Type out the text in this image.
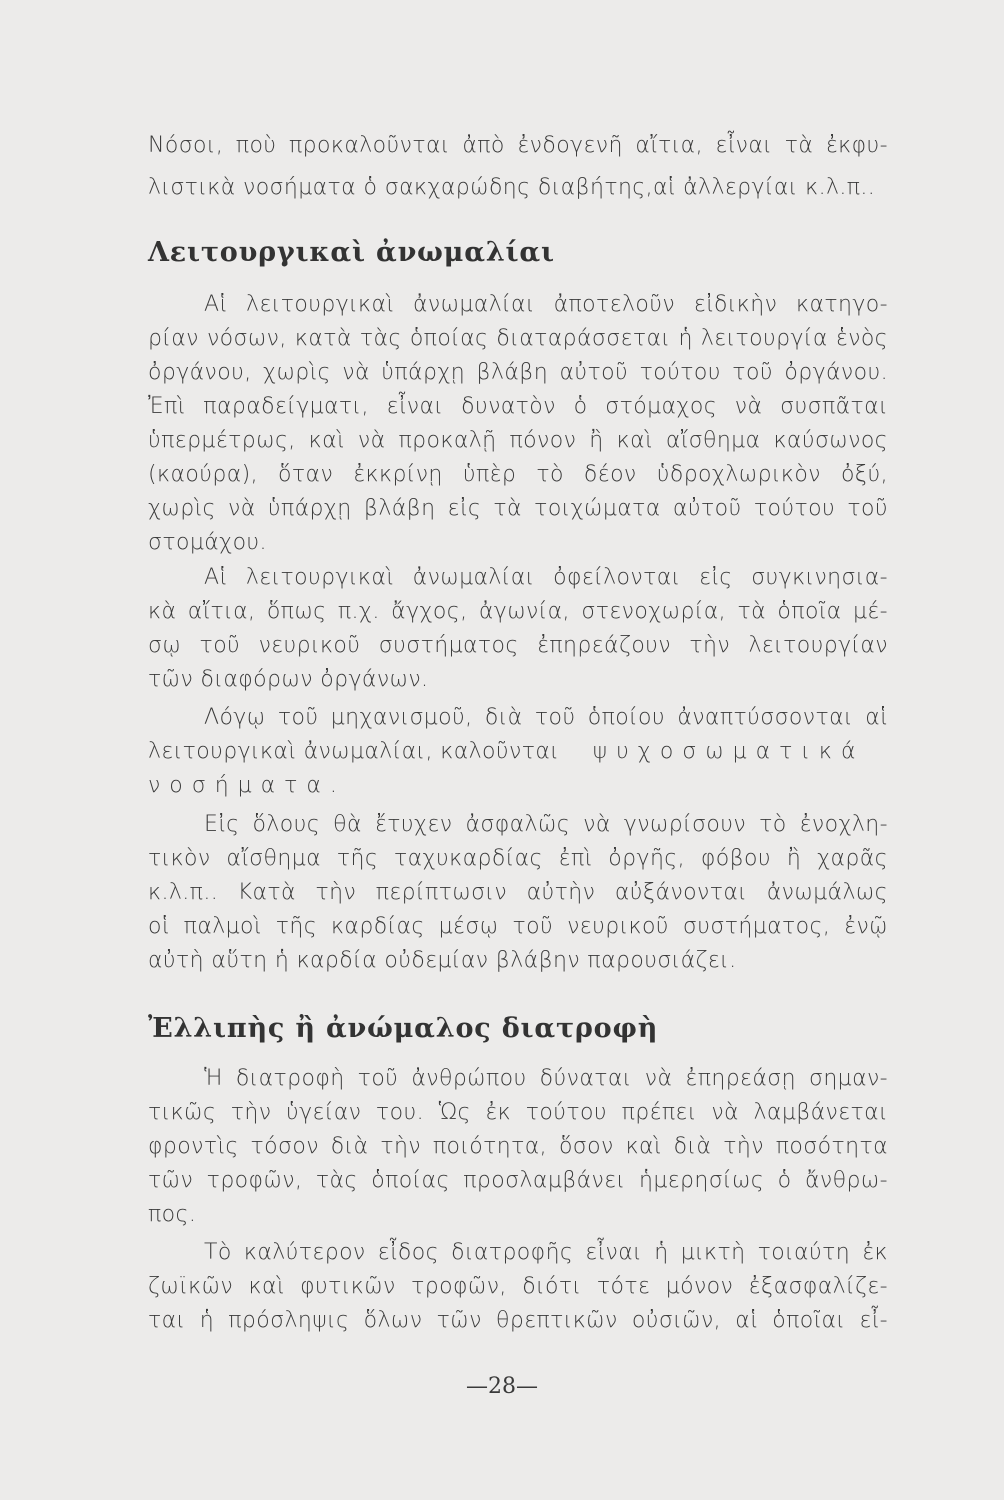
Νόσοι, ποὺ προκαλοῦνται ἀπὸ ἐνδογενῆ αἴτια, εἶναι τὰ ἐκφυ-
λιστικὰ νοσήματα ὁ σακχαρώδης διαβήτης,αἱ ἀλλεργίαι κ.λ.π..
Λειτουργικαὶ ἀνωμαλίαι
Αἱ λειτουργικαὶ ἀνωμαλίαι ἀποτελοῦν εἰδικὴν κατηγο-
ρίαν νόσων, κατὰ τὰς ὁποίας διαταράσσεται ἡ λειτουργία ἑνὸς
ὀργάνου, χωρὶς νὰ ὑπάρχῃ βλάβη αὐτοῦ τούτου τοῦ ὀργάνου.
Ἐπὶ παραδείγματι, εἶναι δυνατὸν ὁ στόμαχος νὰ συσπᾶται
ὑπερμέτρως, καὶ νὰ προκαλῇ πόνον ἢ καὶ αἴσθημα καύσωνος
(καούρα), ὅταν ἐκκρίνῃ ὑπὲρ τὸ δέον ὑδροχλωρικὸν ὀξύ,
χωρὶς νὰ ὑπάρχῃ βλάβη εἰς τὰ τοιχώματα αὐτοῦ τούτου τοῦ
στομάχου.
Αἱ λειτουργικαὶ ἀνωμαλίαι ὀφείλονται εἰς συγκινησια-
κὰ αἴτια, ὅπως π.χ. ἄγχος, ἀγωνία, στενοχωρία, τὰ ὁποῖα μέ-
σῳ τοῦ νευρικοῦ συστήματος ἐπηρεάζουν τὴν λειτουργίαν
τῶν διαφόρων ὀργάνων.
Λόγῳ τοῦ μηχανισμοῦ, διὰ τοῦ ὁποίου ἀναπτύσσονται αἱ
λειτουργικαὶ ἀνωμαλίαι, καλοῦνται ψυχοσωματικά
νοσήματα.
Εἰς ὅλους θὰ ἔτυχεν ἀσφαλῶς νὰ γνωρίσουν τὸ ἐνοχλη-
τικὸν αἴσθημα τῆς ταχυκαρδίας ἐπὶ ὀργῆς, φόβου ἢ χαρᾶς
κ.λ.π.. Κατὰ τὴν περίπτωσιν αὐτὴν αὐξάνονται ἀνωμάλως
οἱ παλμοὶ τῆς καρδίας μέσῳ τοῦ νευρικοῦ συστήματος, ἐνῷ
αὐτὴ αὕτη ἡ καρδία οὐδεμίαν βλάβην παρουσιάζει.
Ἐλλιπὴς ἢ ἀνώμαλος διατροφὴ
Ἡ διατροφὴ τοῦ ἀνθρώπου δύναται νὰ ἐπηρεάσῃ σημαν-
τικῶς τὴν ὑγείαν του. Ὡς ἐκ τούτου πρέπει νὰ λαμβάνεται
φροντὶς τόσον διὰ τὴν ποιότητα, ὅσον καὶ διὰ τὴν ποσότητα
τῶν τροφῶν, τὰς ὁποίας προσλαμβάνει ἡμερησίως ὁ ἄνθρω-
πος.
Τὸ καλύτερον εἶδος διατροφῆς εἶναι ἡ μικτὴ τοιαύτη ἐκ
ζωϊκῶν καὶ φυτικῶν τροφῶν, διότι τότε μόνον ἐξασφαλίζε-
ται ἡ πρόσληψις ὅλων τῶν θρεπτικῶν οὐσιῶν, αἱ ὁποῖαι εἶ-
—28—
